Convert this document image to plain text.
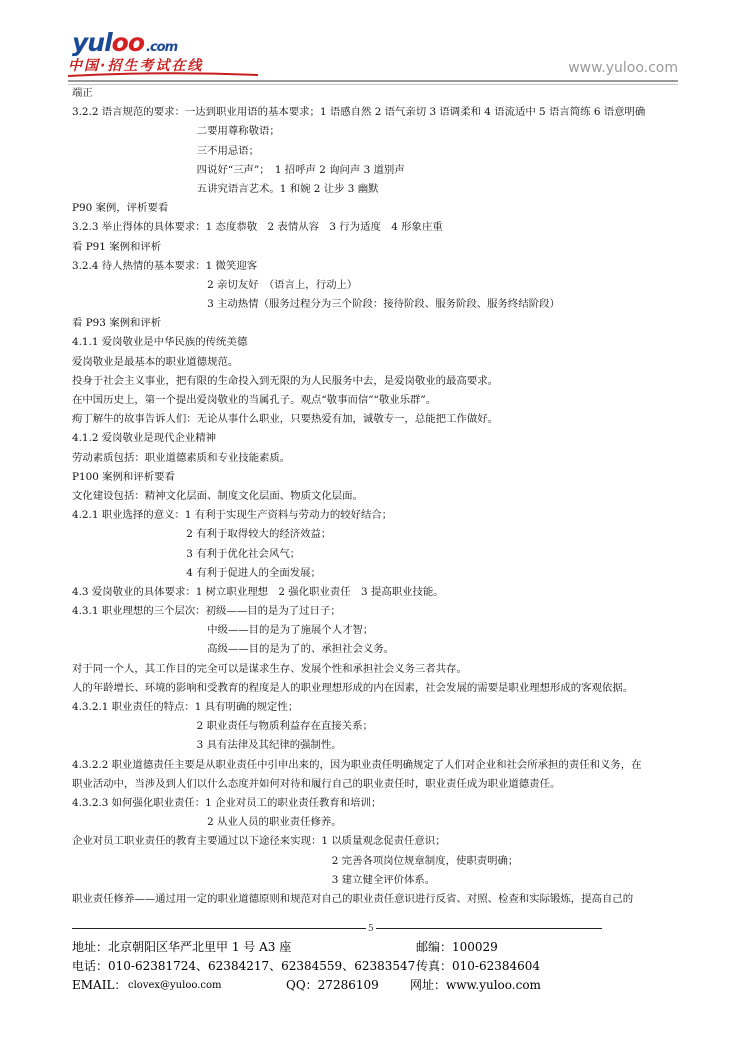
yuloo .com
中国·招生考试在线	www.yuloo.com
端正
3.2.2 语言规范的要求：一达到职业用语的基本要求；1 语感自然 2 语气亲切 3 语调柔和 4 语流适中 5 语言简练 6 语意明确
　　　　　　　　　　　　二要用尊称敬语；
　　　　　　　　　　　　三不用忌语；
　　　　　　　　　　　　四说好“三声”；　1 招呼声 2 询问声 3 道别声
　　　　　　　　　　　　五讲究语言艺术。1 和婉 2 让步 3 幽默
P90 案例，评析要看
3.2.3 举止得体的具体要求：1 态度恭敬　2 表情从容　3 行为适度　4 形象庄重
看 P91 案例和评析
3.2.4 待人热情的基本要求：1 微笑迎客
　　　　　　　　　　　　　2 亲切友好　（语言上，行动上）
　　　　　　　　　　　　　3 主动热情（服务过程分为三个阶段：接待阶段、服务阶段、服务终结阶段）
看 P93 案例和评析
4.1.1 爱岗敬业是中华民族的传统美德
爱岗敬业是最基本的职业道德规范。
投身于社会主义事业，把有限的生命投入到无限的为人民服务中去，是爱岗敬业的最高要求。
在中国历史上，第一个提出爱岗敬业的当属孔子。观点“敬事而信”“敬业乐群”。
痀丁解牛的故事告诉人们：无论从事什么职业，只要热爱有加，诚敬专一，总能把工作做好。
4.1.2 爱岗敬业是现代企业精神
劳动素质包括：职业道德素质和专业技能素质。
P100 案例和评析要看
文化建设包括：精神文化层面、制度文化层面、物质文化层面。
4.2.1 职业选择的意义：1 有利于实现生产资料与劳动力的较好结合；
　　　　　　　　　　　2 有利于取得较大的经济效益；
　　　　　　　　　　　3 有利于优化社会风气；
　　　　　　　　　　　4 有利于促进人的全面发展；
4.3 爱岗敬业的具体要求：1 树立职业理想　2 强化职业责任　3 提高职业技能。
4.3.1 职业理想的三个层次：初级——目的是为了过日子；
　　　　　　　　　　　　　中级——目的是为了施展个人才智；
　　　　　　　　　　　　　高级——目的是为了的、承担社会义务。
对于同一个人，其工作目的完全可以是谋求生存、发展个性和承担社会义务三者共存。
人的年龄增长、环境的影响和受教育的程度是人的职业理想形成的内在因素，社会发展的需要是职业理想形成的客观依据。
4.3.2.1 职业责任的特点：1 具有明确的规定性；
　　　　　　　　　　　　2 职业责任与物质利益存在直接关系；
　　　　　　　　　　　　3 具有法律及其纪律的强制性。
4.3.2.2 职业道德责任主要是从职业责任中引申出来的，因为职业责任明确规定了人们对企业和社会所承担的责任和义务，在
职业活动中，当涉及到人们以什么态度并如何对待和履行自己的职业责任时，职业责任成为职业道德责任。
4.3.2.3 如何强化职业责任：1 企业对员工的职业责任教育和培训；
　　　　　　　　　　　　　2 从业人员的职业责任修养。
企业对员工职业责任的教育主要通过以下途径来实现：1 以质量观念促责任意识；
　　　　　　　　　　　　　　　　　　　　　　　　　2 完善各项岗位规章制度，使职责明确；
　　　　　　　　　　　　　　　　　　　　　　　　　3 建立健全评价体系。
职业责任修养——通过用一定的职业道德原则和规范对自己的职业责任意识进行反省、对照、检查和实际锻炼，提高自己的
5
地址：北京朝阳区华严北里甲 1 号 A3 座	邮编：100029
电话：010-62381724、62384217、62384559、62383547 传真：010-62384604
EMAIL： clovex@yuloo.com	QQ：27286109	网址：www.yuloo.com
